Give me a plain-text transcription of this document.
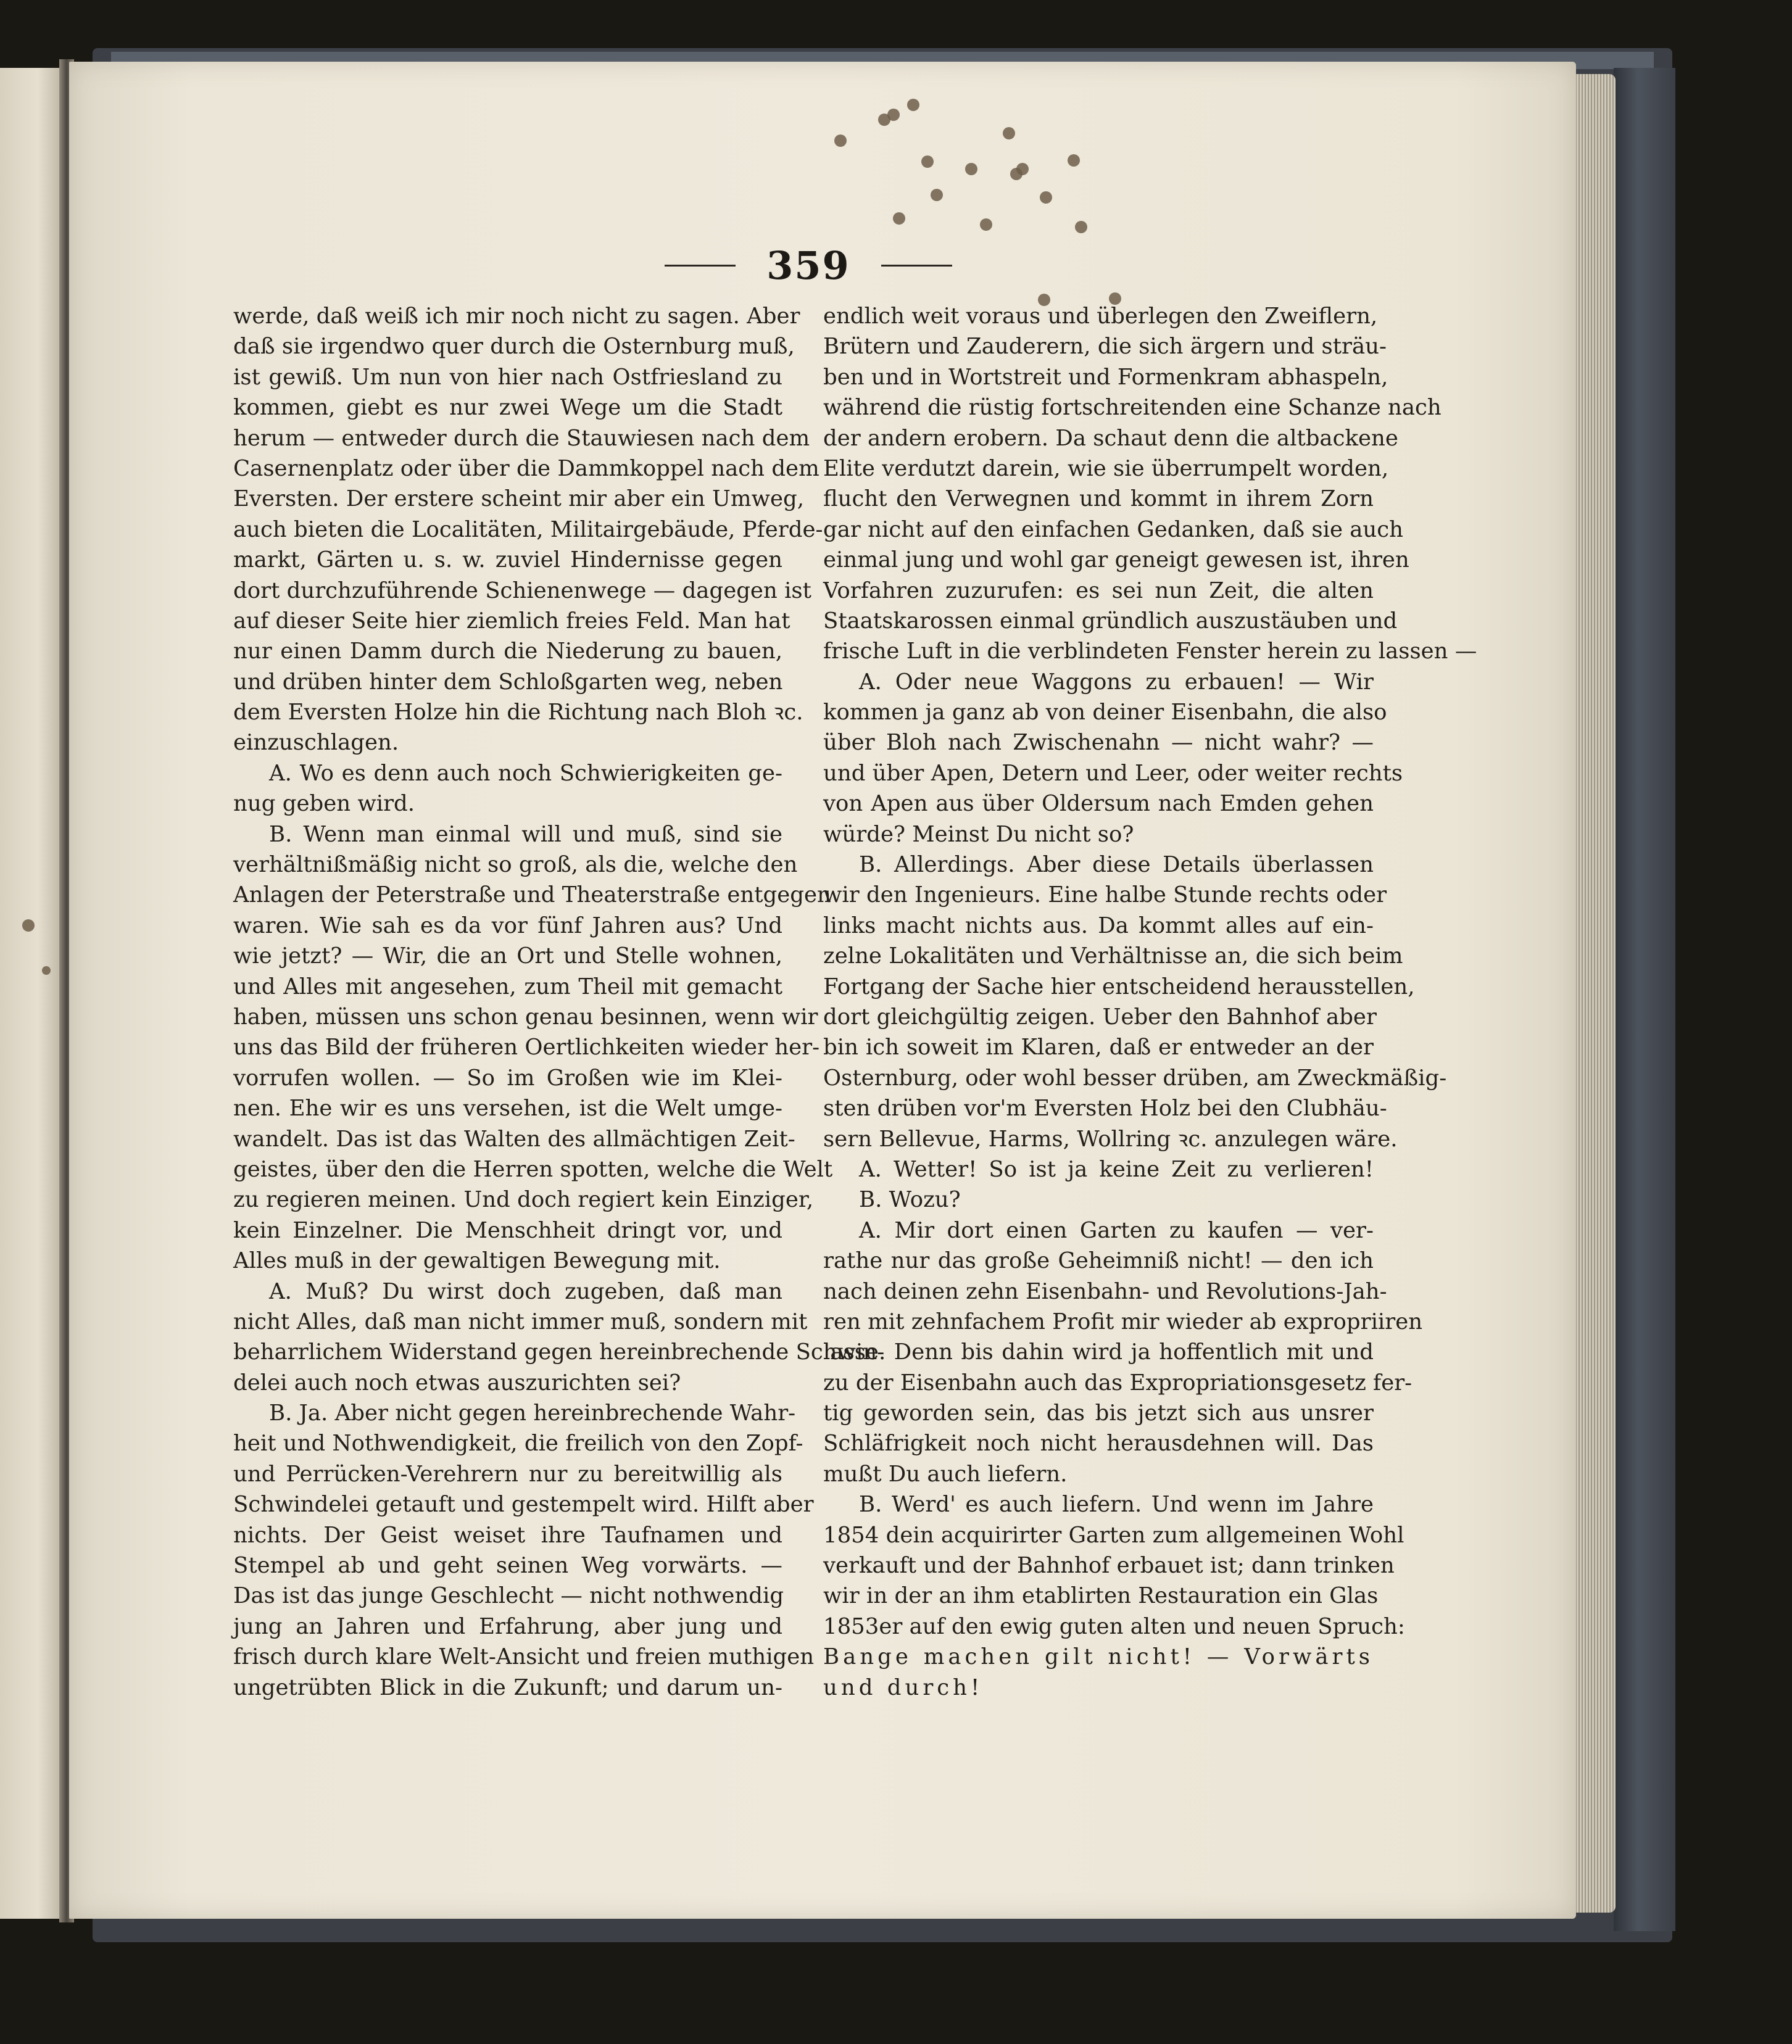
359
werde, daß weiß ich mir noch nicht zu sagen. Aber
daß sie irgendwo quer durch die Osternburg muß,
ist gewiß. Um nun von hier nach Ostfriesland zu
kommen, giebt es nur zwei Wege um die Stadt
herum — entweder durch die Stauwiesen nach dem
Casernenplatz oder über die Dammkoppel nach dem
Eversten. Der erstere scheint mir aber ein Umweg,
auch bieten die Localitäten, Militairgebäude, Pferde-
markt, Gärten u. s. w. zuviel Hindernisse gegen
dort durchzuführende Schienenwege — dagegen ist
auf dieser Seite hier ziemlich freies Feld. Man hat
nur einen Damm durch die Niederung zu bauen,
und drüben hinter dem Schloßgarten weg, neben
dem Eversten Holze hin die Richtung nach Bloh ꝛc.
einzuschlagen.
A. Wo es denn auch noch Schwierigkeiten ge-
nug geben wird.
B. Wenn man einmal will und muß, sind sie
verhältnißmäßig nicht so groß, als die, welche den
Anlagen der Peterstraße und Theaterstraße entgegen
waren. Wie sah es da vor fünf Jahren aus? Und
wie jetzt? — Wir, die an Ort und Stelle wohnen,
und Alles mit angesehen, zum Theil mit gemacht
haben, müssen uns schon genau besinnen, wenn wir
uns das Bild der früheren Oertlichkeiten wieder her-
vorrufen wollen. — So im Großen wie im Klei-
nen. Ehe wir es uns versehen, ist die Welt umge-
wandelt. Das ist das Walten des allmächtigen Zeit-
geistes, über den die Herren spotten, welche die Welt
zu regieren meinen. Und doch regiert kein Einziger,
kein Einzelner. Die Menschheit dringt vor, und
Alles muß in der gewaltigen Bewegung mit.
A. Muß? Du wirst doch zugeben, daß man
nicht Alles, daß man nicht immer muß, sondern mit
beharrlichem Widerstand gegen hereinbrechende Schwin-
delei auch noch etwas auszurichten sei?
B. Ja. Aber nicht gegen hereinbrechende Wahr-
heit und Nothwendigkeit, die freilich von den Zopf-
und Perrücken-Verehrern nur zu bereitwillig als
Schwindelei getauft und gestempelt wird. Hilft aber
nichts. Der Geist weiset ihre Taufnamen und
Stempel ab und geht seinen Weg vorwärts. —
Das ist das junge Geschlecht — nicht nothwendig
jung an Jahren und Erfahrung, aber jung und
frisch durch klare Welt-Ansicht und freien muthigen
ungetrübten Blick in die Zukunft; und darum un-
endlich weit voraus und überlegen den Zweiflern,
Brütern und Zauderern, die sich ärgern und sträu-
ben und in Wortstreit und Formenkram abhaspeln,
während die rüstig fortschreitenden eine Schanze nach
der andern erobern. Da schaut denn die altbackene
Elite verdutzt darein, wie sie überrumpelt worden,
flucht den Verwegnen und kommt in ihrem Zorn
gar nicht auf den einfachen Gedanken, daß sie auch
einmal jung und wohl gar geneigt gewesen ist, ihren
Vorfahren zuzurufen: es sei nun Zeit, die alten
Staatskarossen einmal gründlich auszustäuben und
frische Luft in die verblindeten Fenster herein zu lassen —
A. Oder neue Waggons zu erbauen! — Wir
kommen ja ganz ab von deiner Eisenbahn, die also
über Bloh nach Zwischenahn — nicht wahr? —
und über Apen, Detern und Leer, oder weiter rechts
von Apen aus über Oldersum nach Emden gehen
würde? Meinst Du nicht so?
B. Allerdings. Aber diese Details überlassen
wir den Ingenieurs. Eine halbe Stunde rechts oder
links macht nichts aus. Da kommt alles auf ein-
zelne Lokalitäten und Verhältnisse an, die sich beim
Fortgang der Sache hier entscheidend herausstellen,
dort gleichgültig zeigen. Ueber den Bahnhof aber
bin ich soweit im Klaren, daß er entweder an der
Osternburg, oder wohl besser drüben, am Zweckmäßig-
sten drüben vor'm Eversten Holz bei den Clubhäu-
sern Bellevue, Harms, Wollring ꝛc. anzulegen wäre.
A. Wetter! So ist ja keine Zeit zu verlieren!
B. Wozu?
A. Mir dort einen Garten zu kaufen — ver-
rathe nur das große Geheimniß nicht! — den ich
nach deinen zehn Eisenbahn- und Revolutions-Jah-
ren mit zehnfachem Profit mir wieder ab expropriiren
lasse. Denn bis dahin wird ja hoffentlich mit und
zu der Eisenbahn auch das Expropriationsgesetz fer-
tig geworden sein, das bis jetzt sich aus unsrer
Schläfrigkeit noch nicht herausdehnen will. Das
mußt Du auch liefern.
B. Werd' es auch liefern. Und wenn im Jahre
1854 dein acquirirter Garten zum allgemeinen Wohl
verkauft und der Bahnhof erbauet ist; dann trinken
wir in der an ihm etablirten Restauration ein Glas
1853er auf den ewig guten alten und neuen Spruch:
Bange machen gilt nicht! — Vorwärts
und durch!
